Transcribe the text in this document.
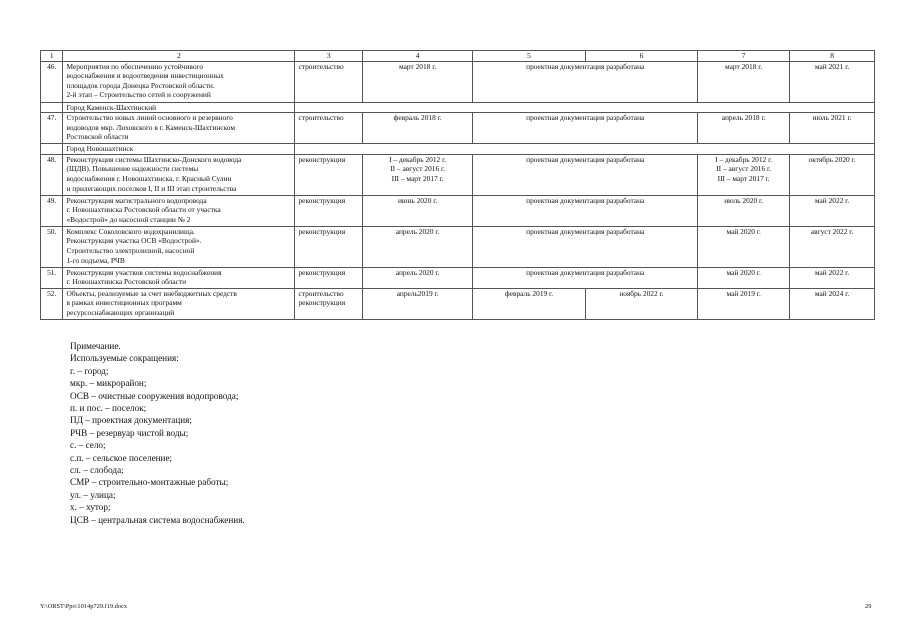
1	2	3	4	5	6	7	8
46.	Мероприятия по обеспечению устойчивого
водоснабжения и водоотведения инвестиционных
площадок города Донецка Ростовской области.
2-й этап – Строительство сетей и сооружений	строительство	март 2018 г.	проектная документация разработана		март 2018 г.	май 2021 г.

	Город Каменск-Шахтинский						
47.	Строительство новых линий основного и резервного
водоводов мкр. Лиховского в г. Каменск-Шахтинском
Ростовской области	строительство	февраль 2018 г.	проектная документация разработана		апрель 2018 г.	июль 2021 г.

	Город Новошахтинск						
48.	Реконструкция системы Шахтинско-Донского водовода
(ШДВ). Повышение надежности системы
водоснабжения г. Новошахтинска, г. Красный Сулин
и прилегающих поселков I, II и III этап строительства	реконструкция	I – декабрь 2012 г.
II – август 2016 г.
III – март 2017 г.	проектная документация разработана		I – декабрь 2012 г.
II – август 2016 г.
III – март 2017 г.	октябрь 2020 г.

49.	Реконструкция магистрального водопровода
г. Новошахтинска Ростовской области от участка
«Водострой» до насосной станции № 2	реконструкция	июнь 2020 г.	проектная документация разработана		июль 2020 г.	май 2022 г.

50.	Комплекс Соколовского водохранилища.
Реконструкция участка ОСВ «Водострой».
Строительство электролизной, насосной
1-го подъема, РЧВ	реконструкция	апрель 2020 г.	проектная документация разработана		май 2020 г.	август 2022 г.

51.	Реконструкция участков системы водоснабжения
г. Новошахтинска Ростовской области	реконструкция	апрель 2020 г.	проектная документация разработана		май 2020 г.	май 2022 г.

52.	Объекты, реализуемые за счет внебюджетных средств
в рамках инвестиционных программ
ресурсоснабжающих организаций	строительство
реконструкция	апрель2019 г.	февраль 2019 г.	ноябрь 2022 г.	май 2019 г.	май 2024 г.
Примечание.
Используемые сокращения:
г. – город;
мкр. – микрорайон;
ОСВ – очистные сооружения водопровода;
п. и пос. – поселок;
ПД – проектная документация;
РЧВ – резервуар чистой воды;
с. – село;
с.п. – сельское поселение;
сл. – слобода;
СМР – строительно-монтажные работы;
ул. – улица;
х. – хутор;
ЦСВ – центральная система водоснабжения.
Y:\ORST\Ppo\1014p729.f19.docx	29
